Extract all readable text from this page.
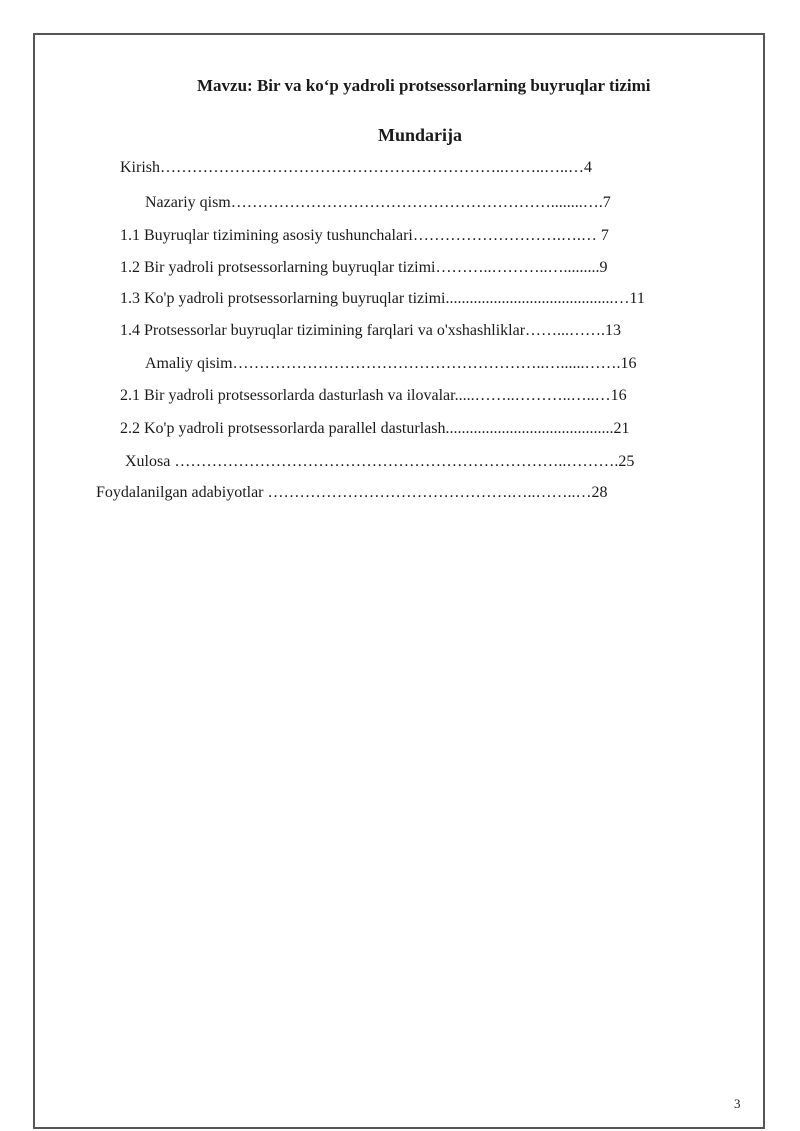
Mavzu: Bir va ko‘p yadroli protsessorlarning buyruqlar tizimi
Mundarija
Kirish………………………………………………………..……..…..…4
Nazariy qism……………………………………………………........….7
1.1 Buyruqlar tizimining asosiy tushunchalari……………………….….… 7
1.2 Bir yadroli protsessorlarning buyruqlar tizimi………..………..….........9
1.3 Ko'p yadroli protsessorlarning buyruqlar tizimi..........................................…11
1.4 Protsessorlar buyruqlar tizimining farqlari va o'xshashliklar……...…….13
Amaliy qisim…………………………………………………..…......…….16
2.1 Bir yadroli protsessorlarda dasturlash va ilovalar.....……..………..…..…16
2.2 Ko'p yadroli protsessorlarda parallel dasturlash..........................................21
Xulosa ………………………………………………………………..……….25
Foydalanilgan adabiyotlar ……………………………………….…..……..…28
3
